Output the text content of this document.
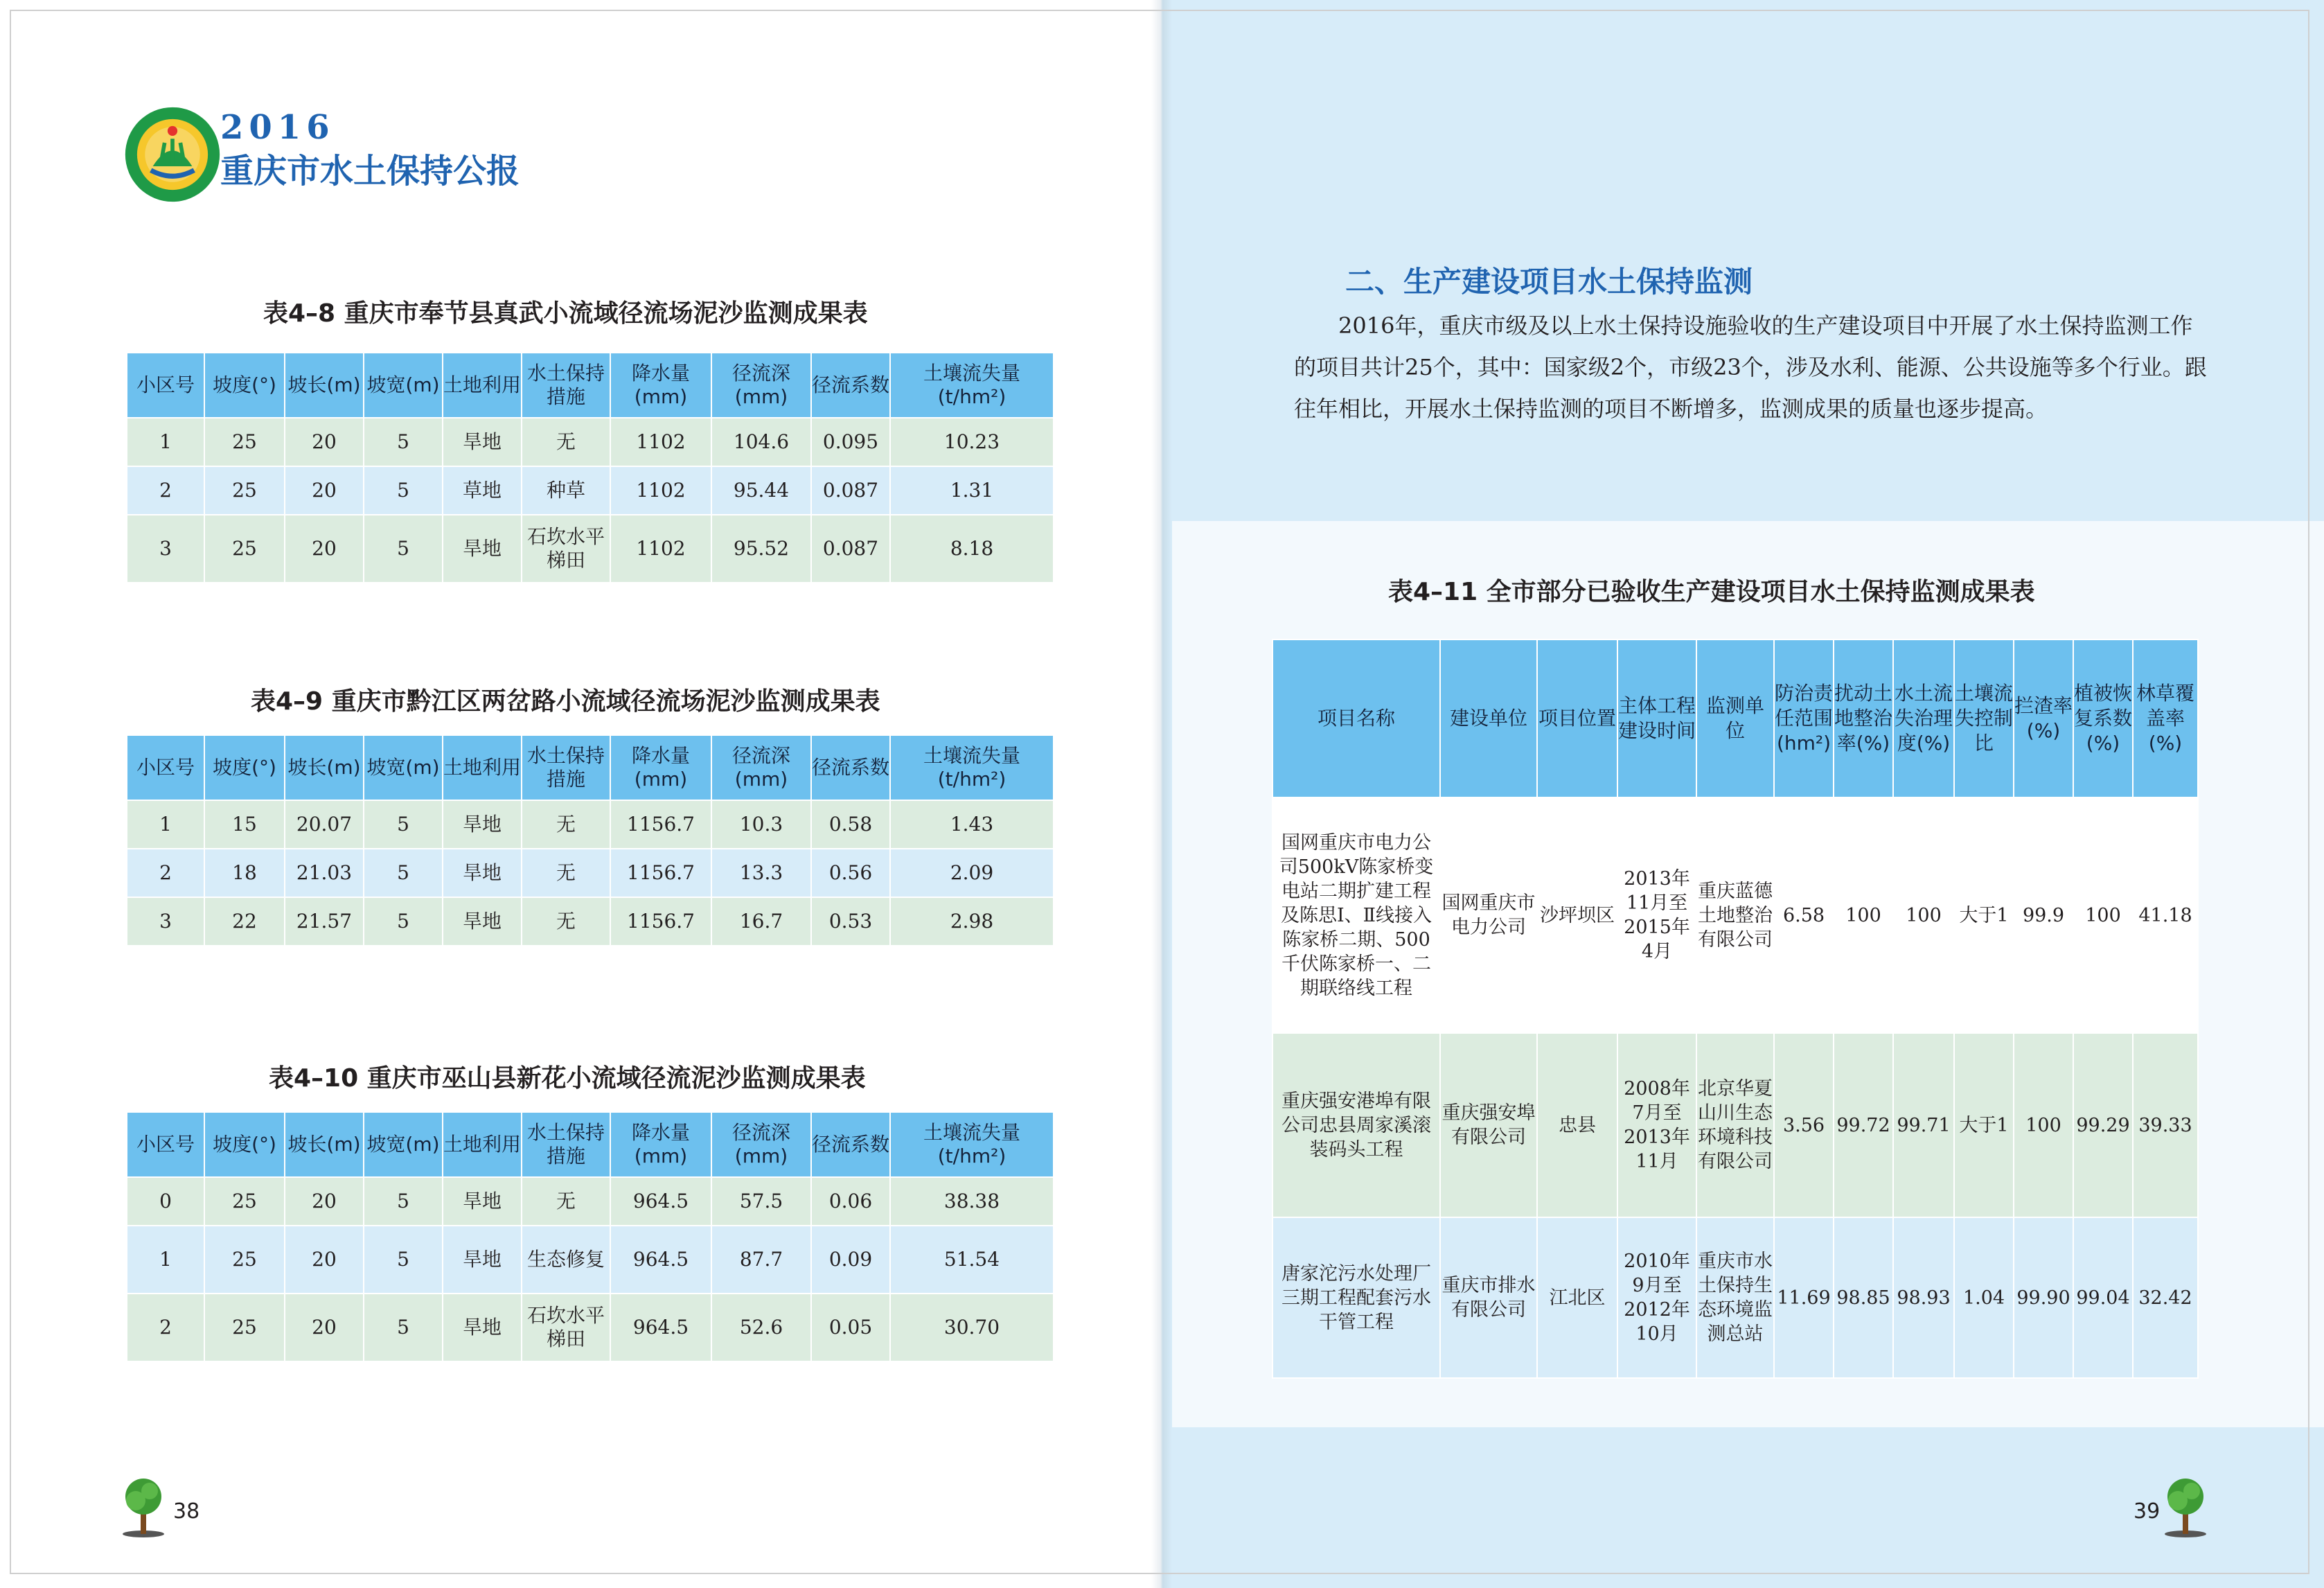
2016
重庆市水土保持公报
表4–8 重庆市奉节县真武小流域径流场泥沙监测成果表
小区号	坡度(°)	坡长(m)	坡宽(m)	土地利用	水土保持措施	降水量(mm)	径流深(mm)	径流系数	土壤流失量(t/hm²)
1	25	20	5	旱地	无	1102	104.6	0.095	10.23
2	25	20	5	草地	种草	1102	95.44	0.087	1.31
3	25	20	5	旱地	石坎水平梯田	1102	95.52	0.087	8.18
表4–9 重庆市黔江区两岔路小流域径流场泥沙监测成果表
小区号	坡度(°)	坡长(m)	坡宽(m)	土地利用	水土保持措施	降水量(mm)	径流深(mm)	径流系数	土壤流失量(t/hm²)
1	15	20.07	5	旱地	无	1156.7	10.3	0.58	1.43
2	18	21.03	5	旱地	无	1156.7	13.3	0.56	2.09
3	22	21.57	5	旱地	无	1156.7	16.7	0.53	2.98
表4–10 重庆市巫山县新花小流域径流泥沙监测成果表
小区号	坡度(°)	坡长(m)	坡宽(m)	土地利用	水土保持措施	降水量(mm)	径流深(mm)	径流系数	土壤流失量(t/hm²)
0	25	20	5	旱地	无	964.5	57.5	0.06	38.38
1	25	20	5	旱地	生态修复	964.5	87.7	0.09	51.54
2	25	20	5	旱地	石坎水平梯田	964.5	52.6	0.05	30.70
二、生产建设项目水土保持监测
2016年，重庆市级及以上水土保持设施验收的生产建设项目中开展了水土保持监测工作的项目共计25个，其中：国家级2个，市级23个，涉及水利、能源、公共设施等多个行业。跟往年相比，开展水土保持监测的项目不断增多，监测成果的质量也逐步提高。
表4–11 全市部分已验收生产建设项目水土保持监测成果表
项目名称	建设单位	项目位置	主体工程建设时间	监测单位	防治责任范围(hm²)	扰动土地整治率(%)	水土流失治理度(%)	土壤流失控制比	拦渣率(%)	植被恢复系数(%)	林草覆盖率(%)
国网重庆市电力公司500kV陈家桥变电站二期扩建工程及陈思Ⅰ、Ⅱ线接入陈家桥二期、500千伏陈家桥一、二期联络线工程	国网重庆市电力公司	沙坪坝区	2013年11月至2015年4月	重庆蓝德土地整治有限公司	6.58	100	100	大于1	99.9	100	41.18
重庆强安港埠有限公司忠县周家溪滚装码头工程	重庆强安埠有限公司	忠县	2008年7月至2013年11月	北京华夏山川生态环境科技有限公司	3.56	99.72	99.71	大于1	100	99.29	39.33
唐家沱污水处理厂三期工程配套污水干管工程	重庆市排水有限公司	江北区	2010年9月至2012年10月	重庆市水土保持生态环境监测总站	11.69	98.85	98.93	1.04	99.90	99.04	32.42
38	39
